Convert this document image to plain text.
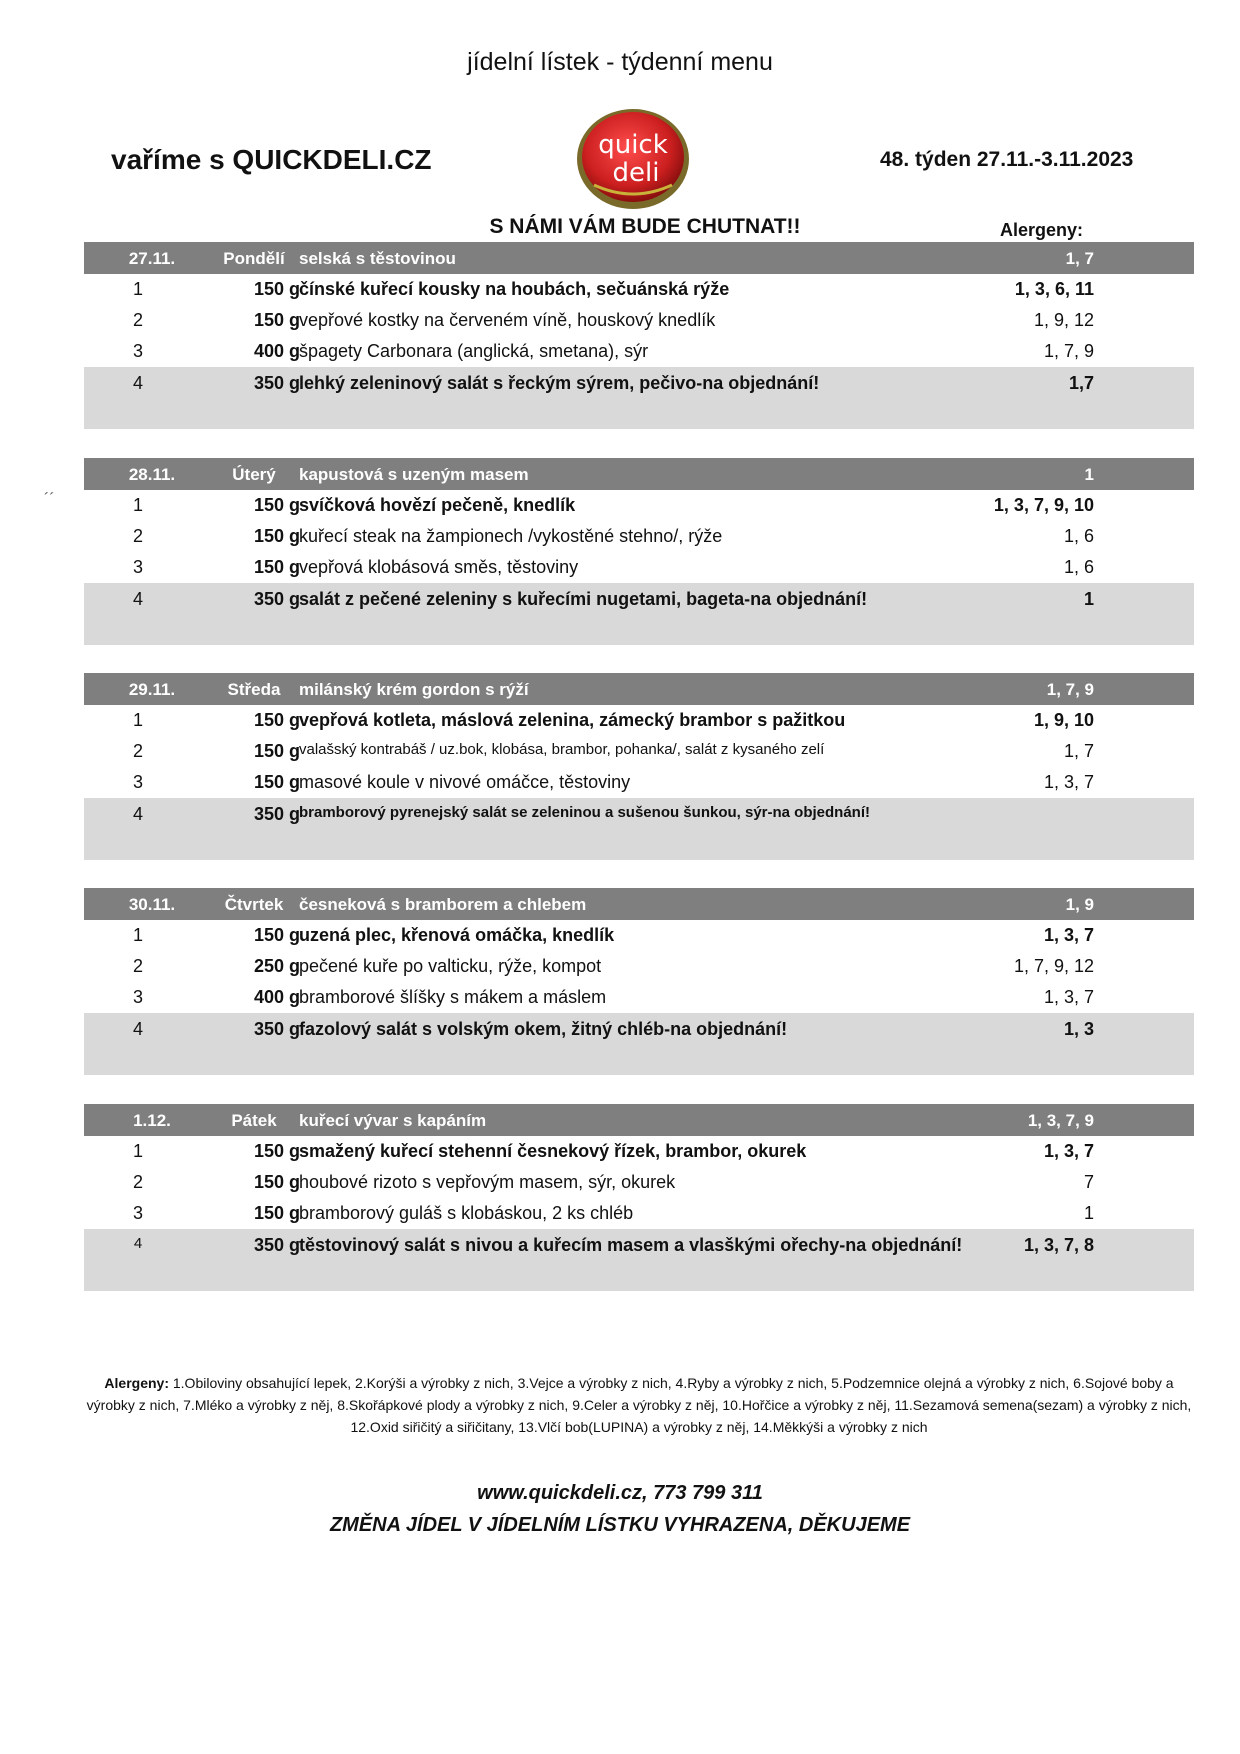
jídelní lístek - týdenní menu
vaříme s QUICKDELI.CZ	quick
deli	48. týden 27.11.-3.11.2023
S NÁMI VÁM BUDE CHUTNAT!!	Alergeny:
´´
27.11.	Pondělí selská s těstovinou	1, 7
1	150 g čínské kuřecí kousky na houbách, sečuánská rýže	1, 3, 6, 11
2	150 g vepřové kostky na červeném víně, houskový knedlík	1, 9, 12
3	400 g špagety Carbonara (anglická, smetana), sýr	1, 7, 9
4	350 g lehký zeleninový salát s řeckým sýrem, pečivo-na objednání!	1,7
28.11.	Úterý	kapustová s uzeným masem	1
1	150 g svíčková hovězí pečeně, knedlík	1, 3, 7, 9, 10
2	150 g kuřecí steak na žampionech /vykostěné stehno/, rýže	1, 6
3	150 g vepřová klobásová směs, těstoviny	1, 6
4	350 g salát z pečené zeleniny s kuřecími nugetami, bageta-na objednání!	1
29.11.	Středa	milánský krém gordon s rýží	1, 7, 9
1	150 g vepřová kotleta, máslová zelenina, zámecký brambor s pažitkou	1, 9, 10
2	150 g valašský kontrabáš / uz.bok, klobása, brambor, pohanka/, salát z kysaného zelí	1, 7
3	150 g masové koule v nivové omáčce, těstoviny	1, 3, 7
4	350 g bramborový pyrenejský salát se zeleninou a sušenou šunkou, sýr-na objednání!
30.11.	Čtvrtek česneková s bramborem a chlebem	1, 9
1	150 g uzená plec, křenová omáčka, knedlík	1, 3, 7
2	250 g pečené kuře po valticku, rýže, kompot	1, 7, 9, 12
3	400 g bramborové šlíšky s mákem a máslem	1, 3, 7
4	350 g fazolový salát s volským okem, žitný chléb-na objednání!	1, 3
1.12.	Pátek	kuřecí vývar s kapáním	1, 3, 7, 9
1	150 g smažený kuřecí stehenní česnekový řízek, brambor, okurek	1, 3, 7
2	150 g houbové rizoto s vepřovým masem, sýr, okurek	7
3	150 g bramborový guláš s klobáskou, 2 ks chléb	1
4	350 g těstovinový salát s nivou a kuřecím masem a vlasškými ořechy-na objednání!	1, 3, 7, 8
Alergeny: 1.Obiloviny obsahující lepek, 2.Korýši a výrobky z nich, 3.Vejce a výrobky z nich, 4.Ryby a výrobky z nich, 5.Podzemnice olejná a výrobky z nich, 6.Sojové boby a výrobky z nich, 7.Mléko a výrobky z něj, 8.Skořápkové plody a výrobky z nich, 9.Celer a výrobky z něj, 10.Hořčice a výrobky z něj, 11.Sezamová semena(sezam) a výrobky z nich, 12.Oxid siřičitý a siřičitany, 13.Vlčí bob(LUPINA) a výrobky z něj, 14.Měkkýši a výrobky z nich
www.quickdeli.cz, 773 799 311
ZMĚNA JÍDEL V JÍDELNÍM LÍSTKU VYHRAZENA, DĚKUJEME
